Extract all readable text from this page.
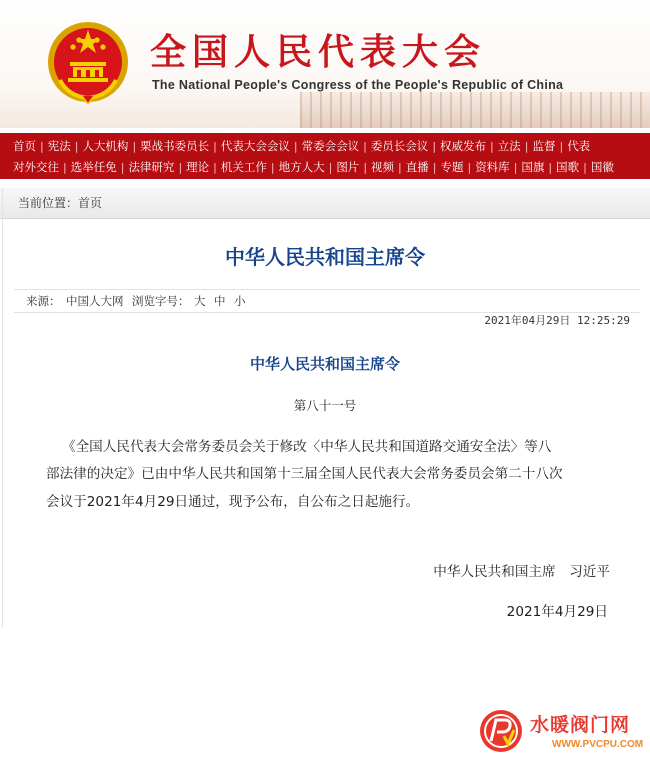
全国人民代表大会
The National People's Congress of the People's Republic of China
首页 | 宪法 | 人大机构 | 栗战书委员长 | 代表大会会议 | 常委会会议 | 委员长会议 | 权威发布 | 立法 | 监督 | 代表
对外交往 | 选举任免 | 法律研究 | 理论 | 机关工作 | 地方人大 | 图片 | 视频 | 直播 | 专题 | 资料库 | 国旗 | 国歌 | 国徽
当前位置： 首页
中华人民共和国主席令
来源： 中国人大网 浏览字号： 大 中 小
2021年04月29日 12:25:29
中华人民共和国主席令
第八十一号
《全国人民代表大会常务委员会关于修改〈中华人民共和国道路交通安全法〉等八
部法律的决定》已由中华人民共和国第十三届全国人民代表大会常务委员会第二十八次
会议于2021年4月29日通过，现予公布，自公布之日起施行。
中华人民共和国主席　习近平
2021年4月29日
水暖阀门网
WWW.PVCPU.COM
